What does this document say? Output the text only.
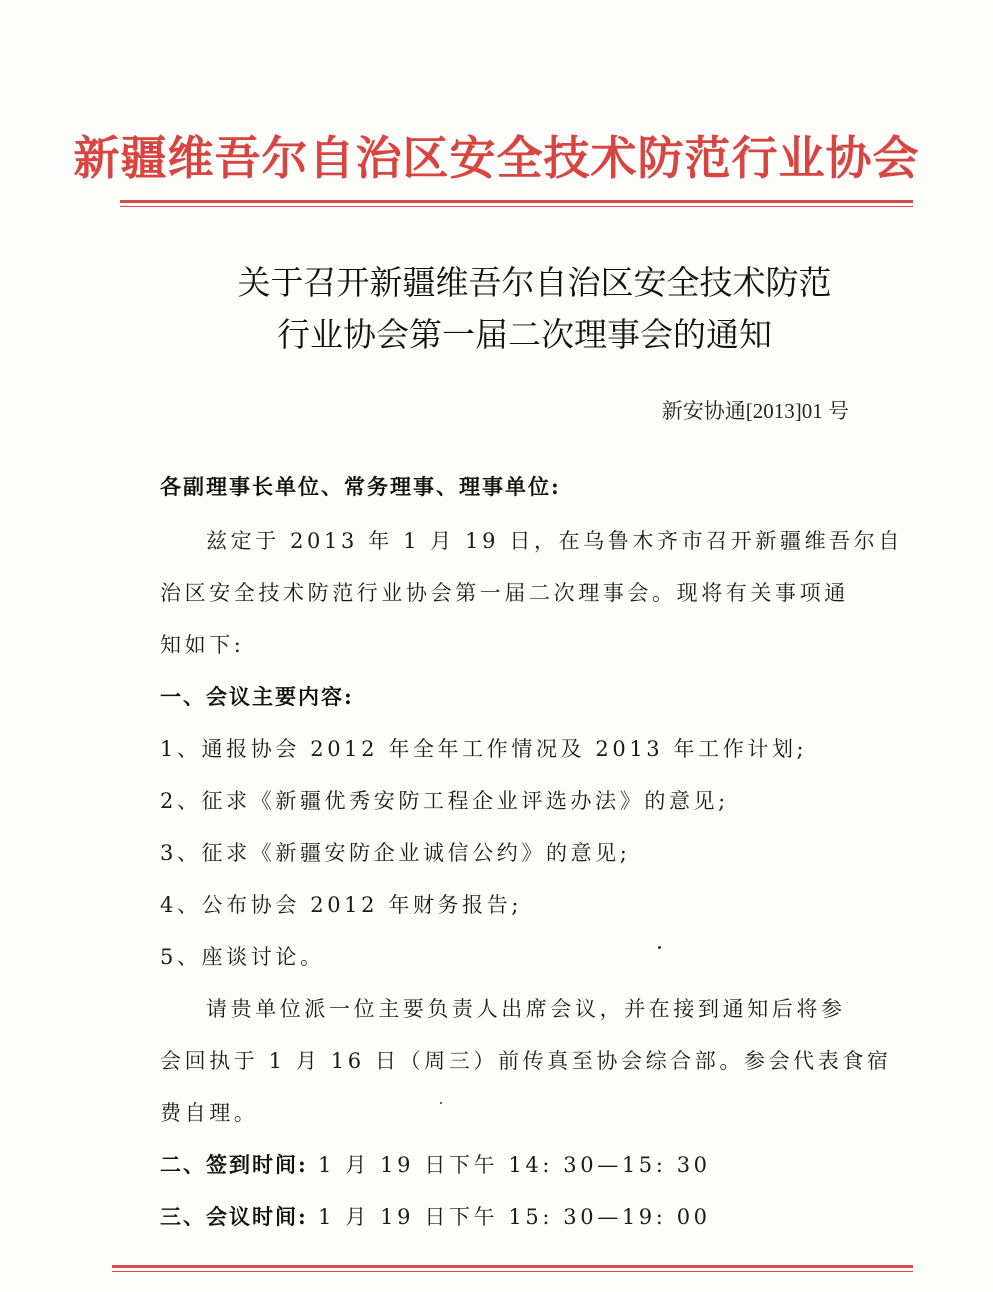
新疆维吾尔自治区安全技术防范行业协会
关于召开新疆维吾尔自治区安全技术防范
行业协会第一届二次理事会的通知
新安协通[2013]01 号
各副理事长单位、常务理事、理事单位:
兹定于 2013 年 1 月 19 日，在乌鲁木齐市召开新疆维吾尔自
治区安全技术防范行业协会第一届二次理事会。现将有关事项通
知如下:
一、会议主要内容:
1、通报协会 2012 年全年工作情况及 2013 年工作计划;
2、征求《新疆优秀安防工程企业评选办法》的意见;
3、征求《新疆安防企业诚信公约》的意见;
4、公布协会 2012 年财务报告;
5、座谈讨论。
请贵单位派一位主要负责人出席会议，并在接到通知后将参
会回执于 1 月 16 日（周三）前传真至协会综合部。参会代表食宿
费自理。
二、签到时间: 1 月 19 日下午 14: 30—15: 30
三、会议时间: 1 月 19 日下午 15: 30—19: 00
